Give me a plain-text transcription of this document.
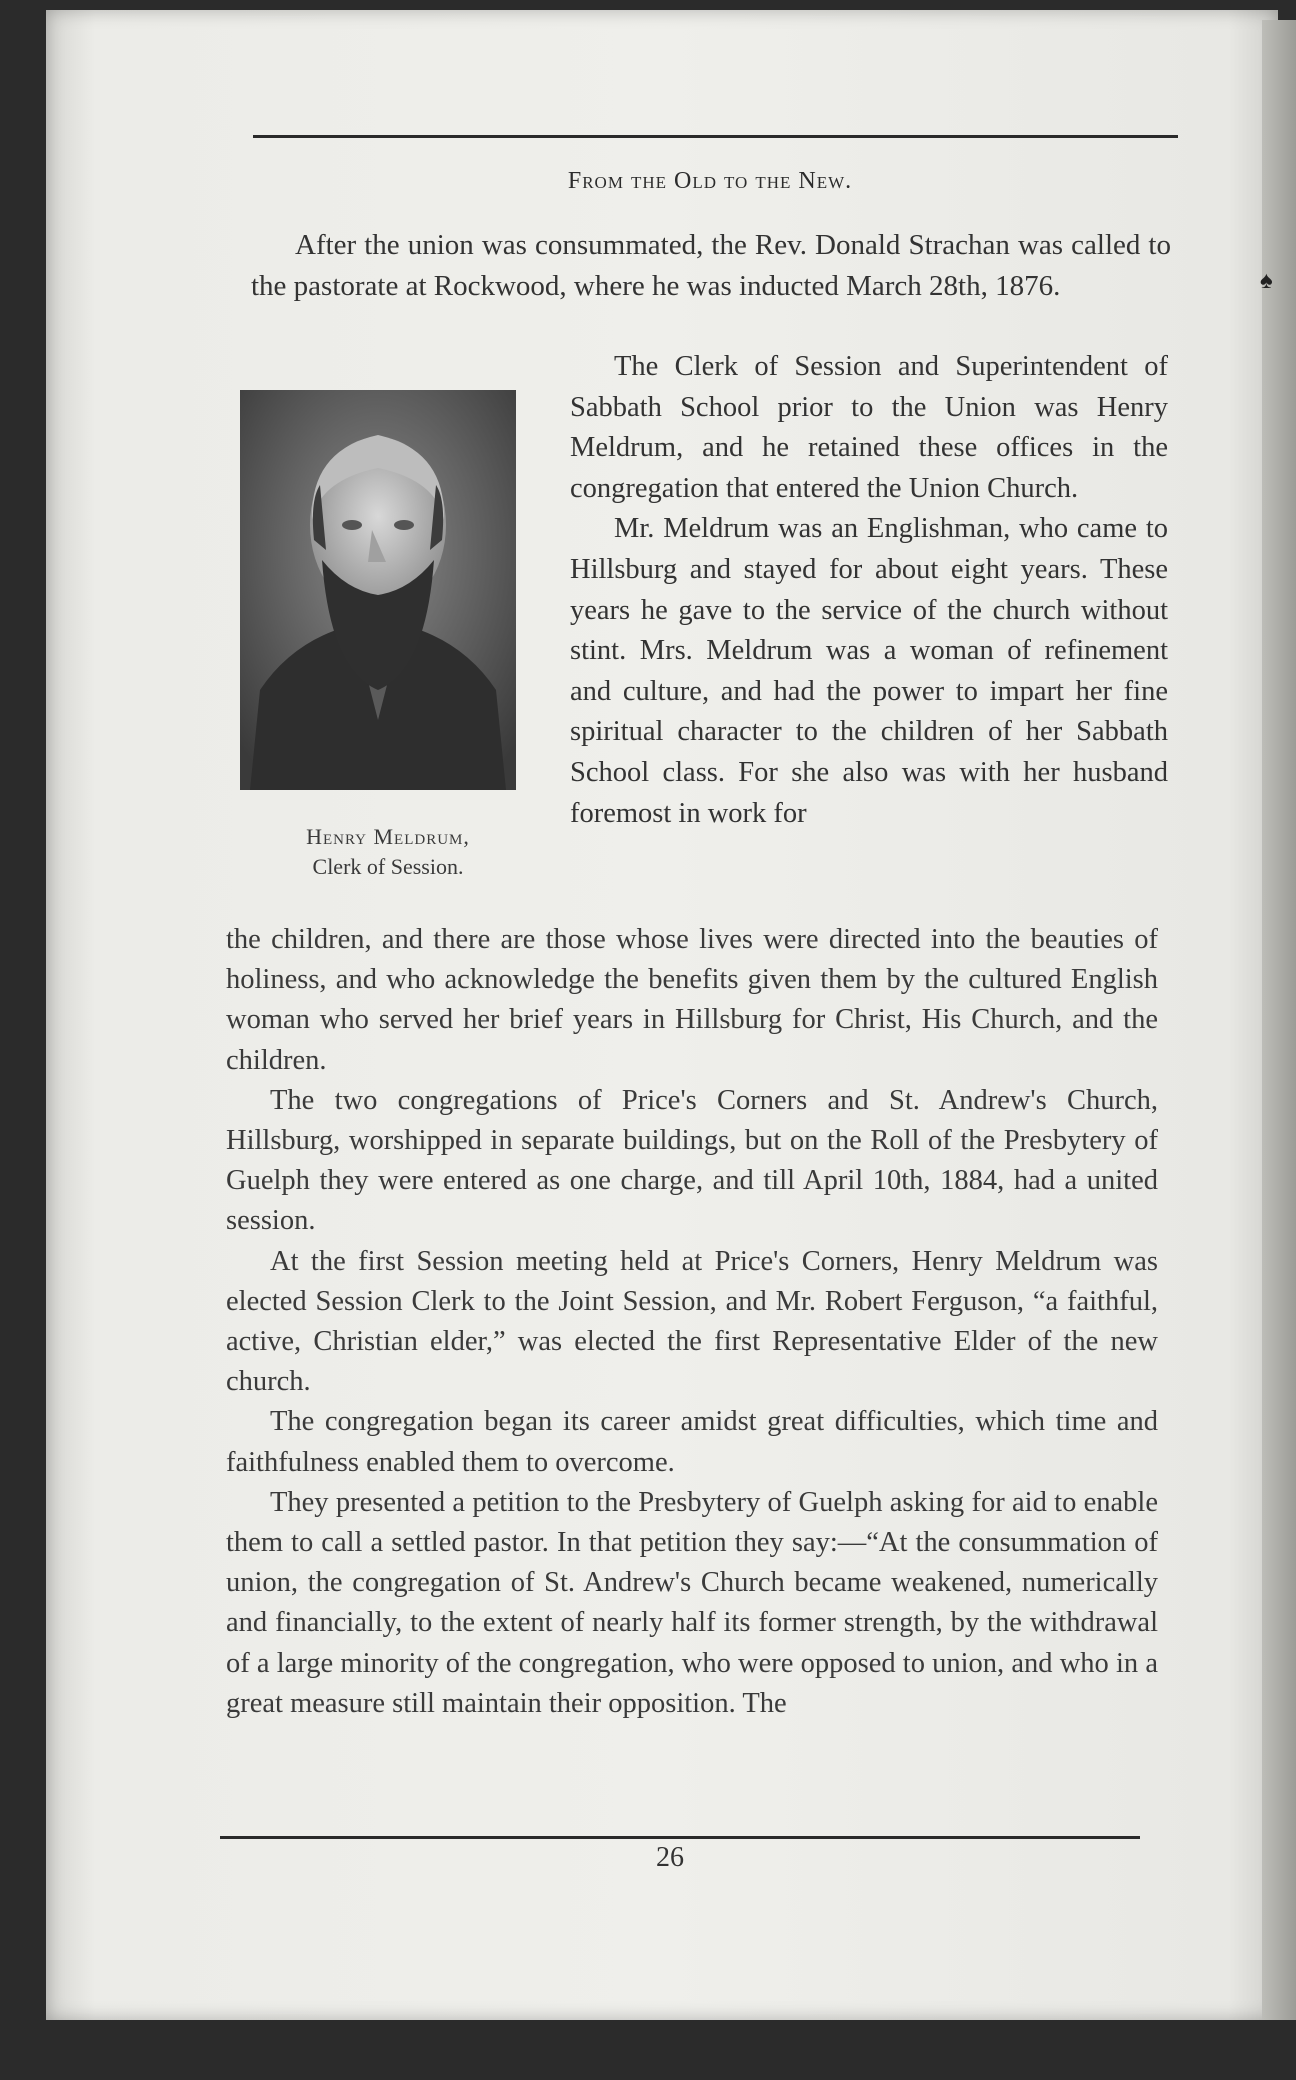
♠
From the Old to the New.

After the union was consummated, the Rev. Donald Strachan was called to the pastorate at Rockwood, where he was inducted March 28th, 1876.

Henry Meldrum,
Clerk of Session.

The Clerk of Session and Superintendent of Sabbath School prior to the Union was Henry Meldrum, and he retained these offices in the congregation that entered the Union Church.

Mr. Meldrum was an Englishman, who came to Hillsburg and stayed for about eight years. These years he gave to the service of the church without stint. Mrs. Meldrum was a woman of refinement and culture, and had the power to impart her fine spiritual character to the children of her Sabbath School class. For she also was with her husband foremost in work for

the children, and there are those whose lives were directed into the beauties of holiness, and who acknowledge the benefits given them by the cultured English woman who served her brief years in Hillsburg for Christ, His Church, and the children.

The two congregations of Price's Corners and St. Andrew's Church, Hillsburg, worshipped in separate buildings, but on the Roll of the Presbytery of Guelph they were entered as one charge, and till April 10th, 1884, had a united session.

At the first Session meeting held at Price's Corners, Henry Meldrum was elected Session Clerk to the Joint Session, and Mr. Robert Ferguson, “a faithful, active, Christian elder,” was elected the first Representative Elder of the new church.

The congregation began its career amidst great difficulties, which time and faithfulness enabled them to overcome.

They presented a petition to the Presbytery of Guelph asking for aid to enable them to call a settled pastor. In that petition they say:—“At the consummation of union, the congregation of St. Andrew's Church became weakened, numerically and financially, to the extent of nearly half its former strength, by the withdrawal of a large minority of the congregation, who were opposed to union, and who in a great measure still maintain their opposition. The

26
